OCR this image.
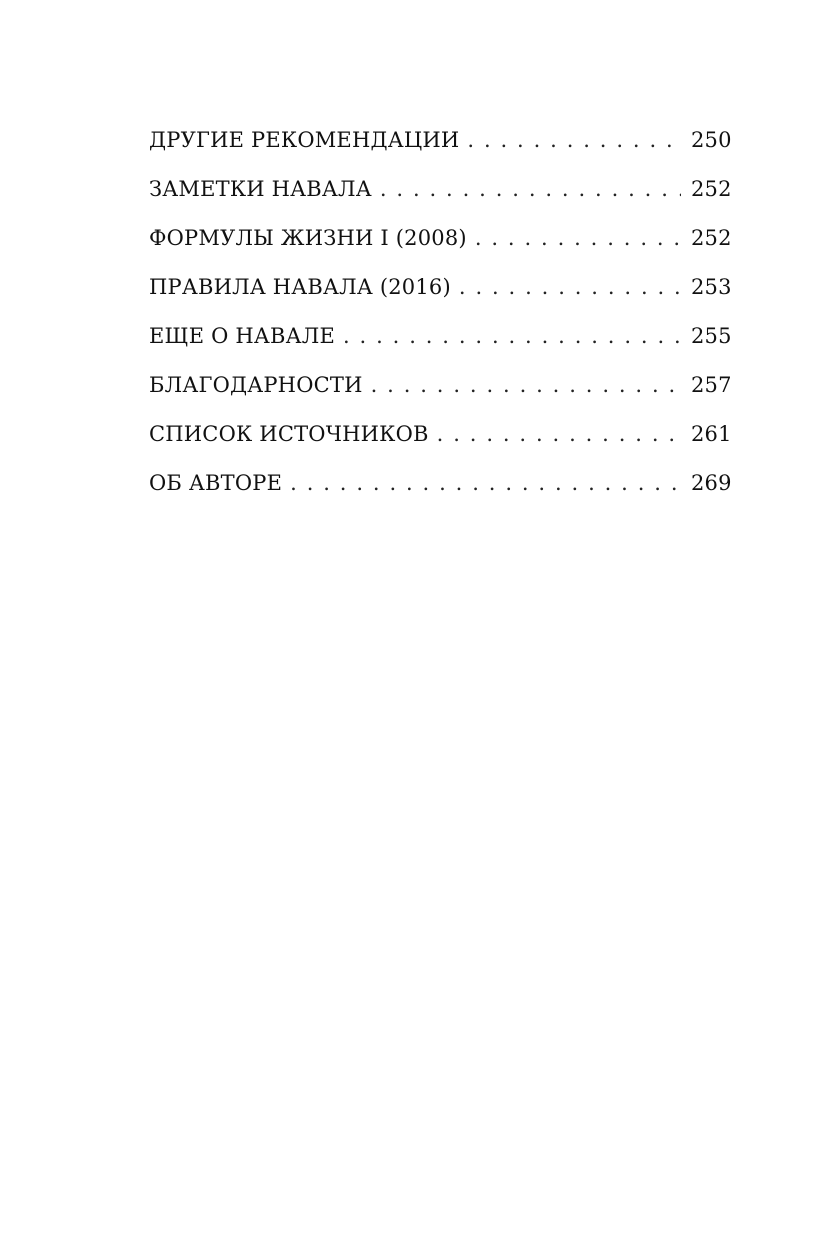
ДРУГИЕ РЕКОМЕНДАЦИИ . . .	250
ЗАМЕТКИ НАВАЛА . . .	252
ФОРМУЛЫ ЖИЗНИ I (2008) . . .	252
ПРАВИЛА НАВАЛА (2016) . . .	253
ЕЩЕ О НАВАЛЕ . . .	255
БЛАГОДАРНОСТИ . . .	257
СПИСОК ИСТОЧНИКОВ . . .	261
ОБ АВТОРЕ . . .	269
